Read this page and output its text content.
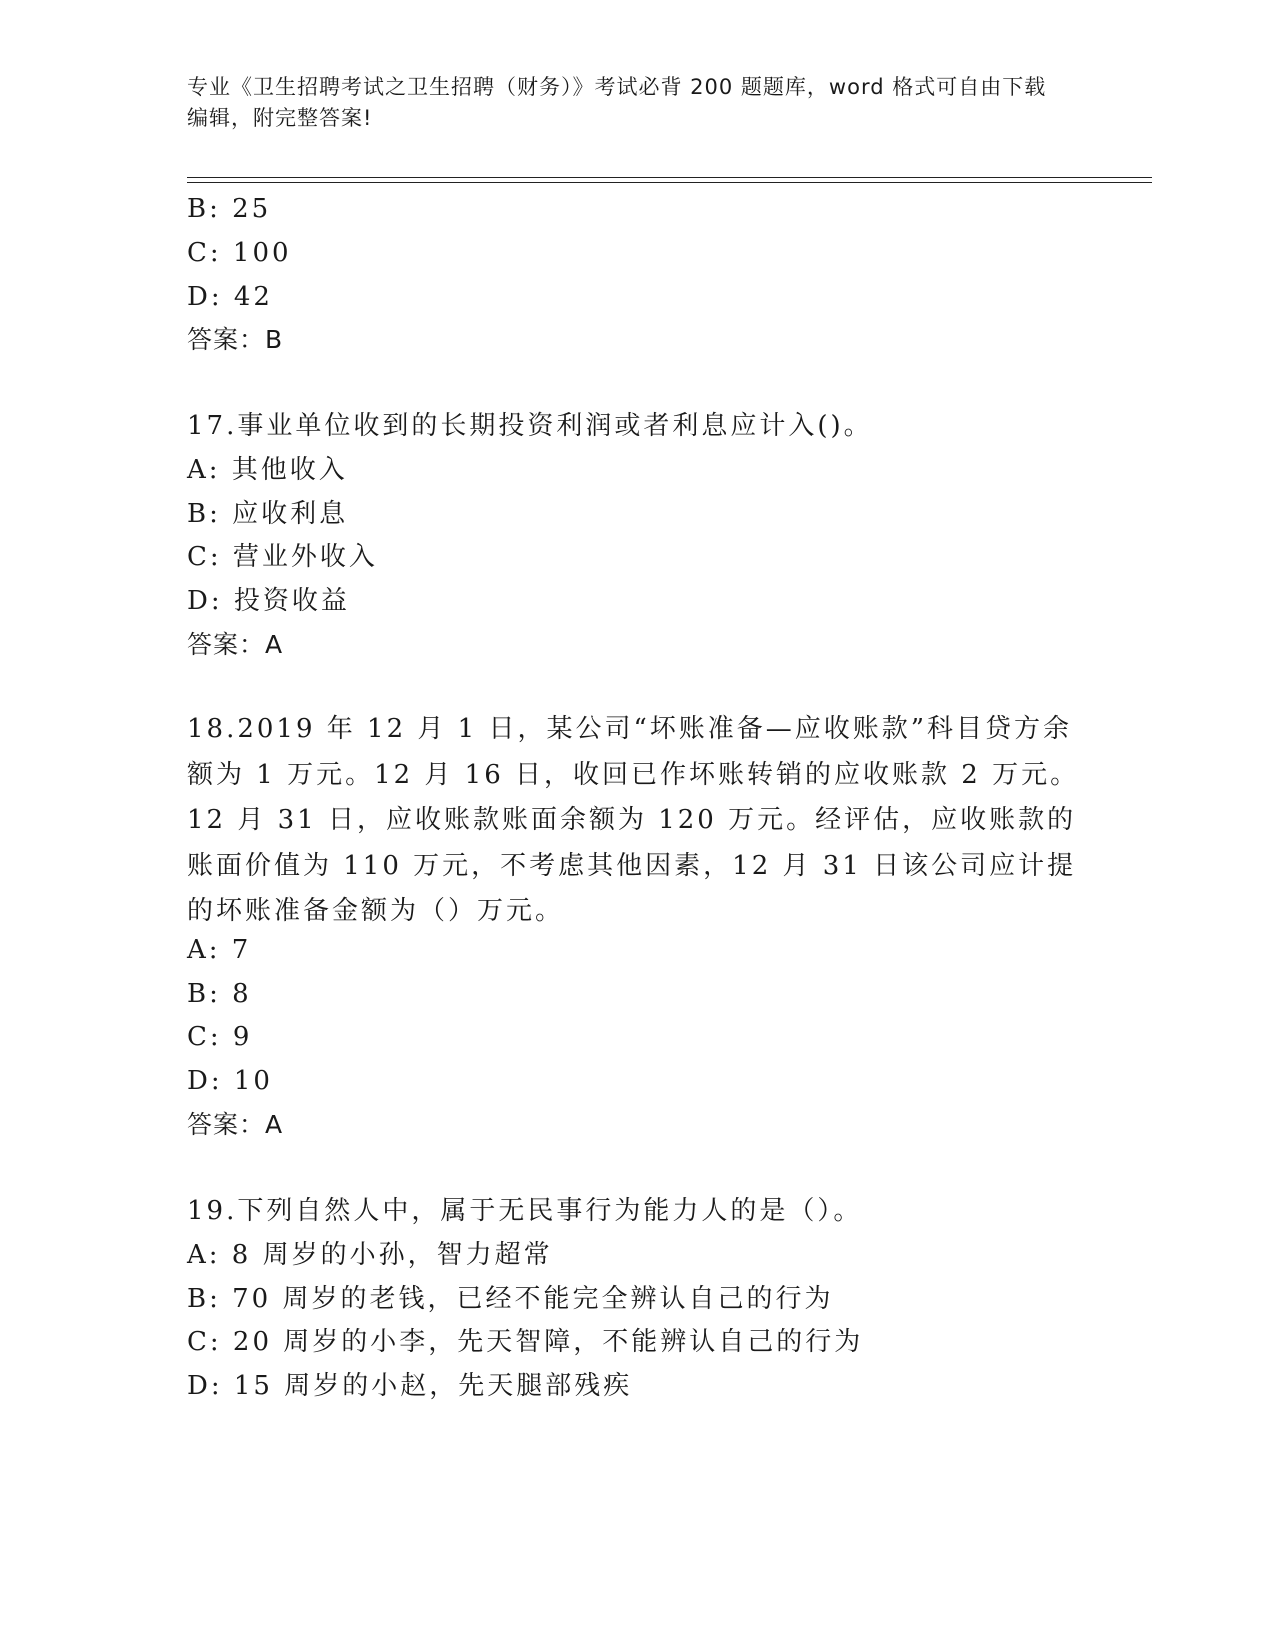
专业《卫生招聘考试之卫生招聘（财务）》考试必背 200 题题库，word 格式可自由下载编辑，附完整答案!
B: 25
C: 100
D: 42
答案：B
17.事业单位收到的长期投资利润或者利息应计入()。
A: 其他收入
B: 应收利息
C: 营业外收入
D: 投资收益
答案：A
18.2019 年 12 月 1 日，某公司“坏账准备—应收账款”科目贷方余额为 1 万元。12 月 16 日，收回已作坏账转销的应收账款 2 万元。12 月 31 日，应收账款账面余额为 120 万元。经评估，应收账款的账面价值为 110 万元，不考虑其他因素，12 月 31 日该公司应计提的坏账准备金额为（）万元。
A: 7
B: 8
C: 9
D: 10
答案：A
19.下列自然人中，属于无民事行为能力人的是（）。
A: 8 周岁的小孙，智力超常
B: 70 周岁的老钱，已经不能完全辨认自己的行为
C: 20 周岁的小李，先天智障，不能辨认自己的行为
D: 15 周岁的小赵，先天腿部残疾
